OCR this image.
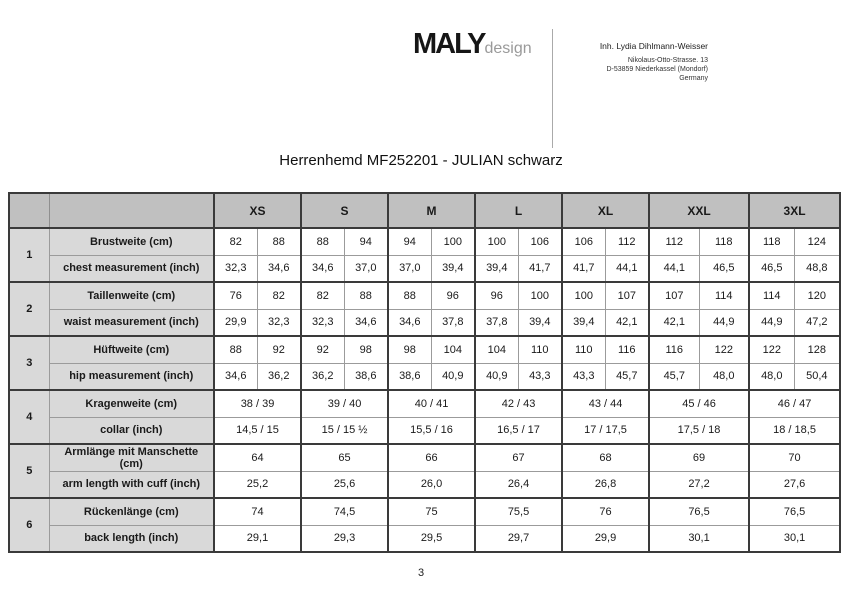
MALYdesign	Inh. Lydia Dihlmann-Weisser
Nikolaus-Otto-Strasse. 13
D-53859 Niederkassel (Mondorf)
Germany
Herrenhemd MF252201 - JULIAN schwarz
		XS		S		M		L		XL		XXL		3XL	
1	Brustweite (cm)	82	88	88	94	94	100	100	106	106	112	112	118	118	124
	chest measurement (inch)	32,3	34,6	34,6	37,0	37,0	39,4	39,4	41,7	41,7	44,1	44,1	46,5	46,5	48,8
2	Taillenweite (cm)	76	82	82	88	88	96	96	100	100	107	107	114	114	120
	waist measurement (inch)	29,9	32,3	32,3	34,6	34,6	37,8	37,8	39,4	39,4	42,1	42,1	44,9	44,9	47,2
3	Hüftweite (cm)	88	92	92	98	98	104	104	110	110	116	116	122	122	128
	hip measurement (inch)	34,6	36,2	36,2	38,6	38,6	40,9	40,9	43,3	43,3	45,7	45,7	48,0	48,0	50,4
4	Kragenweite (cm)	38 / 39		39 / 40		40 / 41		42 / 43		43 / 44		45 / 46		46 / 47	
	collar (inch)	14,5 / 15		15 / 15 ½		15,5 / 16		16,5 / 17		17 / 17,5		17,5 / 18		18 / 18,5	
5	Armlänge mit Manschette (cm)	64		65		66		67		68		69		70	
	arm length with cuff (inch)	25,2		25,6		26,0		26,4		26,8		27,2		27,6	
6	Rückenlänge (cm)	74		74,5		75		75,5		76		76,5		76,5	
	back length (inch)	29,1		29,3		29,5		29,7		29,9		30,1		30,1	
3
